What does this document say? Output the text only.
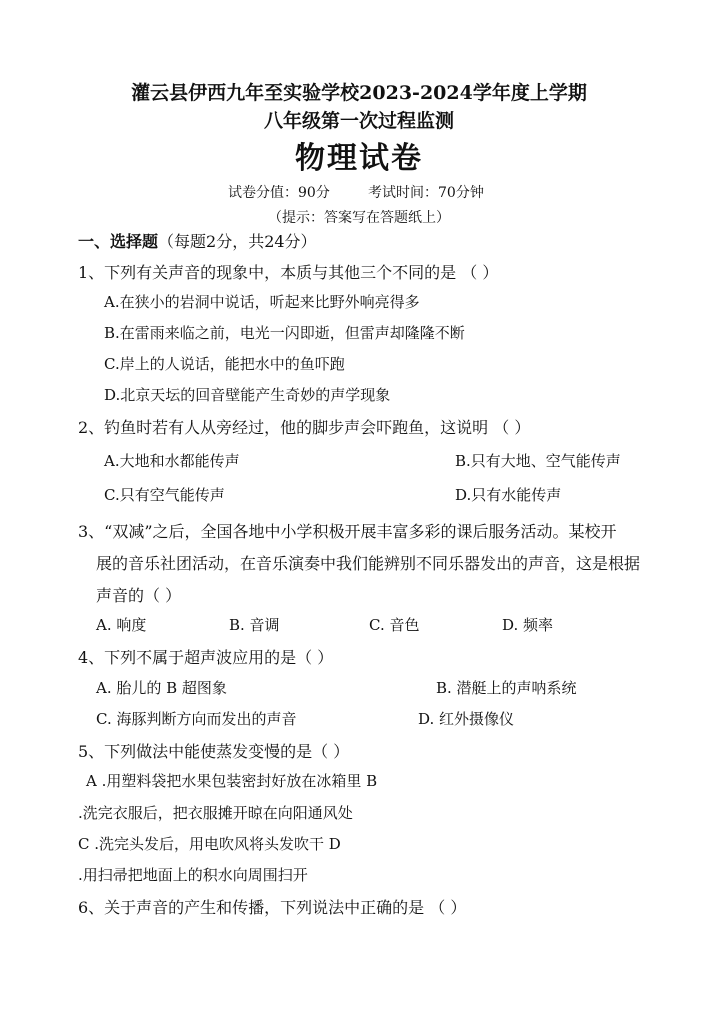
灌云县伊西九年至实验学校2023-2024学年度上学期
八年级第一次过程监测
物理试卷
试卷分值：90分	考试时间：70分钟
（提示：答案写在答题纸上）
一、选择题（每题2分，共24分）
1、下列有关声音的现象中，本质与其他三个不同的是 （ ）
A.在狭小的岩洞中说话，听起来比野外响亮得多
B.在雷雨来临之前，电光一闪即逝，但雷声却隆隆不断
C.岸上的人说话，能把水中的鱼吓跑
D.北京天坛的回音壁能产生奇妙的声学现象
2、钓鱼时若有人从旁经过，他的脚步声会吓跑鱼，这说明 （ ）
A.大地和水都能传声	B.只有大地、空气能传声
C.只有空气能传声	D.只有水能传声
3、“双减”之后，全国各地中小学积极开展丰富多彩的课后服务活动。某校开
展的音乐社团活动，在音乐演奏中我们能辨别不同乐器发出的声音，这是根据
声音的（ ）
A. 响度	B. 音调	C. 音色	D. 频率
4、下列不属于超声波应用的是（ ）
A. 胎儿的 B 超图象	B. 潜艇上的声呐系统
C. 海豚判断方向而发出的声音	D. 红外摄像仪
5、下列做法中能使蒸发变慢的是（ ）
A .用塑料袋把水果包装密封好放在冰箱里 B
.洗完衣服后，把衣服摊开晾在向阳通风处
C .洗完头发后，用电吹风将头发吹干 D
.用扫帚把地面上的积水向周围扫开
6、关于声音的产生和传播，下列说法中正确的是 （ ）
